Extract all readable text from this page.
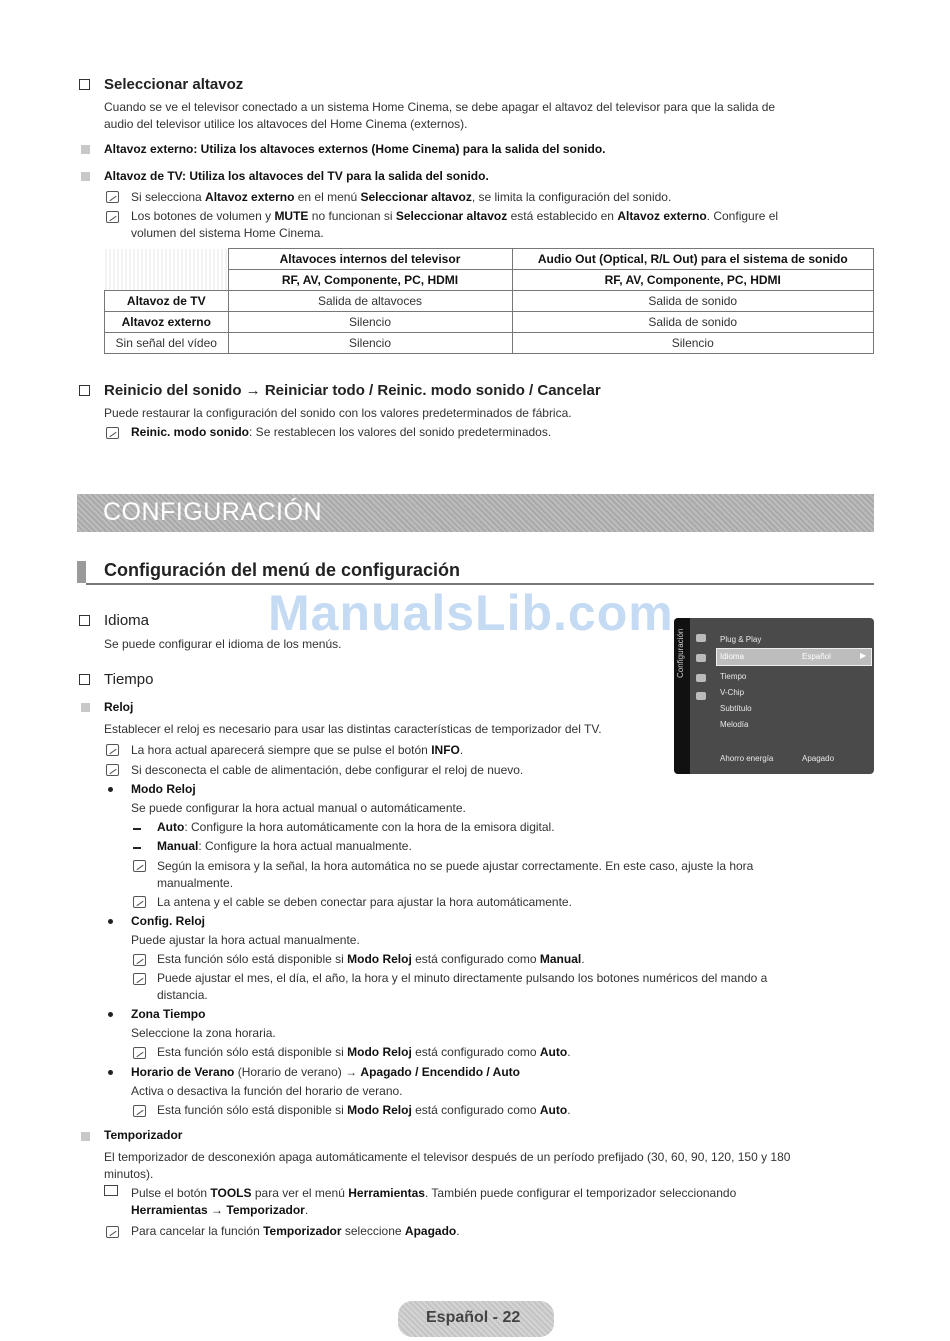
Seleccionar altavoz
Cuando se ve el televisor conectado a un sistema Home Cinema, se debe apagar el altavoz del televisor para que la salida de
audio del televisor utilice los altavoces del Home Cinema (externos).
Altavoz externo: Utiliza los altavoces externos (Home Cinema) para la salida del sonido.
Altavoz de TV: Utiliza los altavoces del TV para la salida del sonido.
Si selecciona Altavoz externo en el menú Seleccionar altavoz, se limita la configuración del sonido.
Los botones de volumen y MUTE no funcionan si Seleccionar altavoz está establecido en Altavoz externo. Configure el
volumen del sistema Home Cinema.
	Altavoces internos del televisor	Audio Out (Optical, R/L Out) para el sistema de sonido
	RF, AV, Componente, PC, HDMI	RF, AV, Componente, PC, HDMI
Altavoz de TV	Salida de altavoces	Salida de sonido
Altavoz externo	Silencio	Salida de sonido
Sin señal del vídeo	Silencio	Silencio
Reinicio del sonido → Reiniciar todo / Reinic. modo sonido / Cancelar
Puede restaurar la configuración del sonido con los valores predeterminados de fábrica.
Reinic. modo sonido: Se restablecen los valores del sonido predeterminados.
CONFIGURACIÓN
Configuración del menú de configuración
ManualsLib.com
Idioma
Se puede configurar el idioma de los menús.
Tiempo
Reloj
Establecer el reloj es necesario para usar las distintas características de temporizador del TV.
La hora actual aparecerá siempre que se pulse el botón INFO.
Si desconecta el cable de alimentación, debe configurar el reloj de nuevo.
Modo Reloj
Se puede configurar la hora actual manual o automáticamente.
Auto: Configure la hora automáticamente con la hora de la emisora digital.
Manual: Configure la hora actual manualmente.
Según la emisora y la señal, la hora automática no se puede ajustar correctamente. En este caso, ajuste la hora
manualmente.
La antena y el cable se deben conectar para ajustar la hora automáticamente.
Config. Reloj
Puede ajustar la hora actual manualmente.
Esta función sólo está disponible si Modo Reloj está configurado como Manual.
Puede ajustar el mes, el día, el año, la hora y el minuto directamente pulsando los botones numéricos del mando a
distancia.
Zona Tiempo
Seleccione la zona horaria.
Esta función sólo está disponible si Modo Reloj está configurado como Auto.
Horario de Verano (Horario de verano) → Apagado / Encendido / Auto
Activa o desactiva la función del horario de verano.
Esta función sólo está disponible si Modo Reloj está configurado como Auto.
Temporizador
El temporizador de desconexión apaga automáticamente el televisor después de un período prefijado (30, 60, 90, 120, 150 y 180
minutos).
Pulse el botón TOOLS para ver el menú Herramientas. También puede configurar el temporizador seleccionando
Herramientas → Temporizador.
Para cancelar la función Temporizador seleccione Apagado.
Configuración	Plug & Play
Idioma	Español	▶
Tiempo
V-Chip
Subtítulo
Melodía
Ahorro energía	Apagado
Español - 22
